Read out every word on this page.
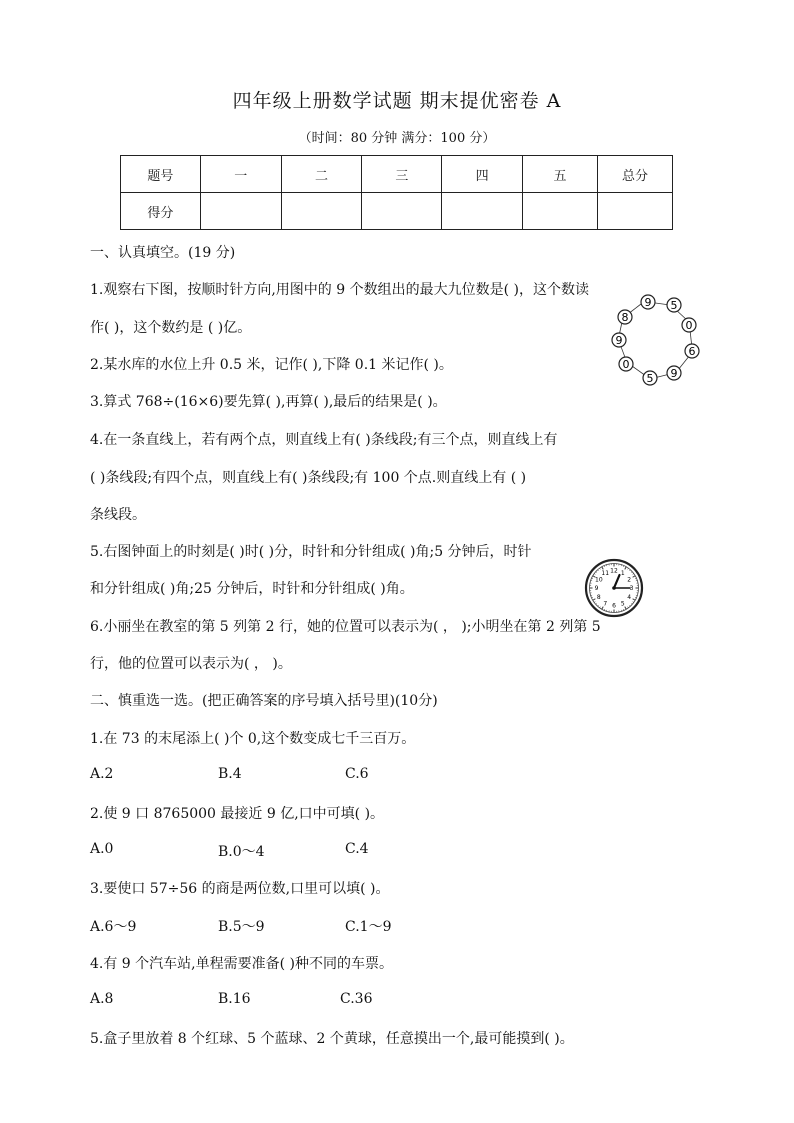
四年级上册数学试题 期末提优密卷 A
（时间：80 分钟 满分：100 分）
题号	一	二	三	四	五	总分
得分						
一、认真填空。(19 分)
1.观察右下图，按顺时针方向,用图中的 9 个数组出的最大九位数是( )，这个数读
作( )，这个数约是 ( )亿。
2.某水库的水位上升 0.5 米，记作( ),下降 0.1 米记作( )。
3.算式 768÷(16×6)要先算( ),再算( ),最后的结果是( )。
4.在一条直线上，若有两个点，则直线上有( )条线段;有三个点，则直线上有
( )条线段;有四个点，则直线上有( )条线段;有 100 个点.则直线上有 ( )
条线段。
5.右图钟面上的时刻是( )时( )分，时针和分针组成( )角;5 分钟后，时针
和分针组成( )角;25 分钟后，时针和分针组成( )角。
6.小丽坐在教室的第 5 列第 2 行，她的位置可以表示为( ， );小明坐在第 2 列第 5
行，他的位置可以表示为( ， )。
9 5
0
6
9
5
0
9
8
12 1
2
3
4
5
6
7
8
9
10
11
二、慎重选一选。(把正确答案的序号填入括号里)(10分)
1.在 73 的末尾添上( )个 0,这个数变成七千三百万。
A.2	B.4	C.6
2.使 9 口 8765000 最接近 9 亿,口中可填( )。
A.0	B.0～4	C.4
3.要使口 57÷56 的商是两位数,口里可以填( )。
A.6～9	B.5～9	C.1～9
4.有 9 个汽车站,单程需要准备( )种不同的车票。
A.8	B.16	C.36
5.盒子里放着 8 个红球、5 个蓝球、2 个黄球，任意摸出一个,最可能摸到( )。
